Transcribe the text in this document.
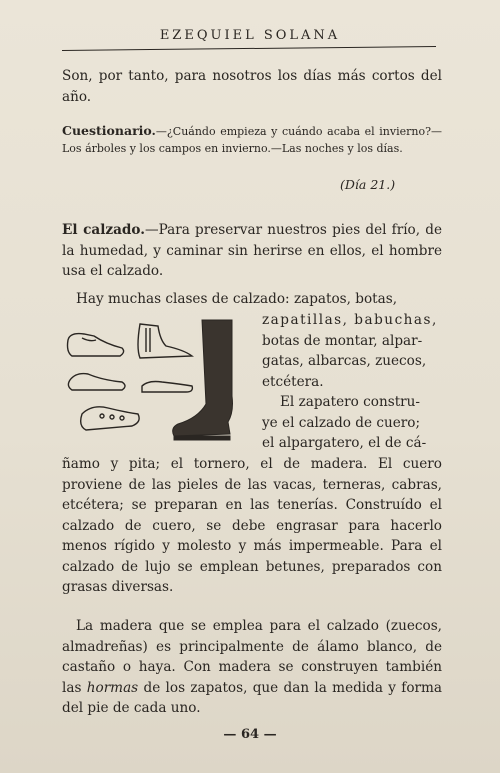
EZEQUIEL SOLANA
Son, por tanto, para nosotros los días más cortos del año.
Cuestionario.—¿Cuándo empieza y cuándo acaba el invierno?—Los árboles y los campos en invierno.—Las noches y los días.
(Día 21.)
El calzado.—Para preservar nuestros pies del frío, de la humedad, y caminar sin herirse en ellos, el hombre usa el calzado.
Hay muchas clases de calzado: zapatos, botas,
zapatillas, babuchas,
botas de montar, alpar-
gatas, albarcas, zuecos,
etcétera.
El zapatero constru-
ye el calzado de cuero;
el alpargatero, el de cá-
ñamo y pita; el tornero, el de madera. El cuero proviene de las pieles de las vacas, terneras, cabras, etcétera; se preparan en las tenerías. Construído el calzado de cuero, se debe engrasar para hacerlo menos rígido y molesto y más impermeable. Para el calzado de lujo se emplean betunes, preparados con grasas diversas.
La madera que se emplea para el calzado (zuecos, almadreñas) es principalmente de álamo blanco, de castaño o haya. Con madera se construyen también las hormas de los zapatos, que dan la medida y forma del pie de cada uno.
— 64 —
